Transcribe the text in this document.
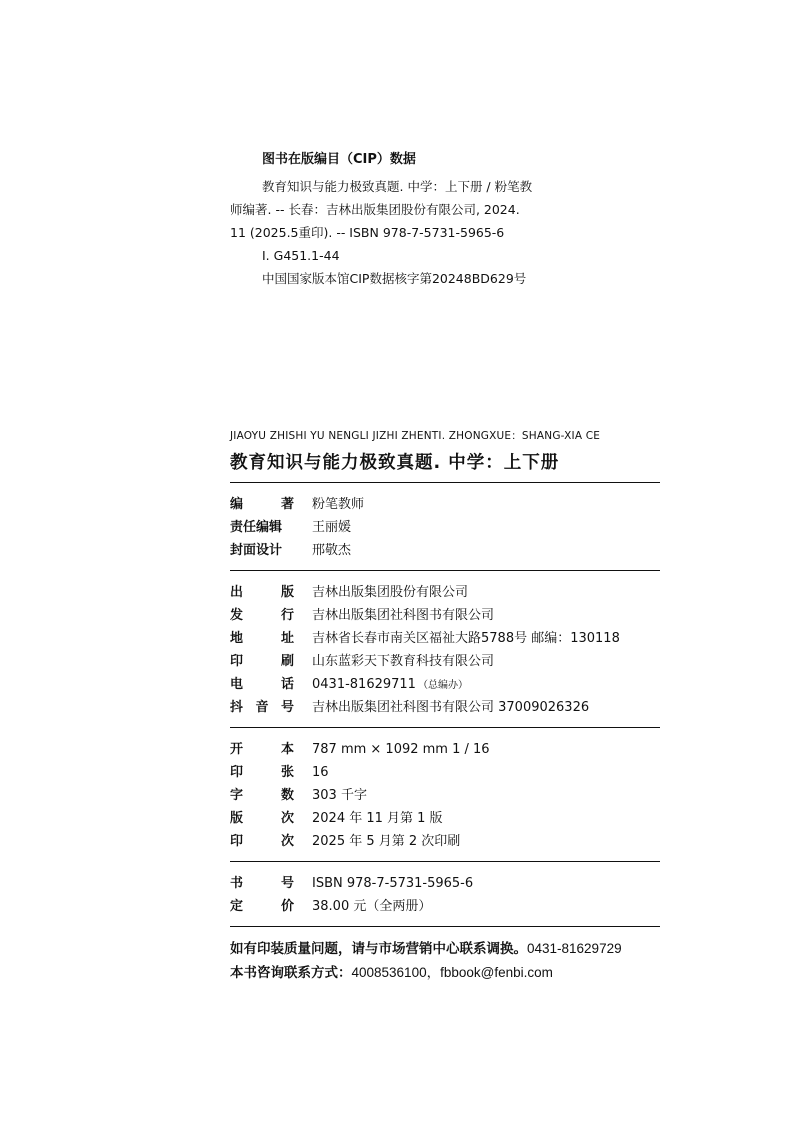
图书在版编目（CIP）数据
教育知识与能力极致真题. 中学：上下册 / 粉笔教
师编著. -- 长春：吉林出版集团股份有限公司, 2024.
11 (2025.5重印). -- ISBN 978-7-5731-5965-6
Ⅰ. G451.1-44
中国国家版本馆CIP数据核字第20248BD629号
JIAOYU ZHISHI YU NENGLI JIZHI ZHENTI. ZHONGXUE：SHANG-XIA CE
教育知识与能力极致真题. 中学：上下册
编	著 粉笔教师
责任编辑 王丽媛
封面设计 邢敬杰
出	版 吉林出版集团股份有限公司
发	行 吉林出版集团社科图书有限公司
地	址 吉林省长春市南关区福祉大路5788号 邮编：130118
印	刷 山东蓝彩天下教育科技有限公司
电	话 0431-81629711 （总编办）
抖 音 号 吉林出版集团社科图书有限公司 37009026326
开	本 787 mm × 1092 mm 1 / 16
印	张 16
字	数 303 千字
版	次 2024 年 11 月第 1 版
印	次 2025 年 5 月第 2 次印刷
书	号 ISBN 978-7-5731-5965-6
定	价 38.00 元（全两册）
如有印装质量问题，请与市场营销中心联系调换。0431-81629729
本书咨询联系方式：4008536100，fbbook@fenbi.com
